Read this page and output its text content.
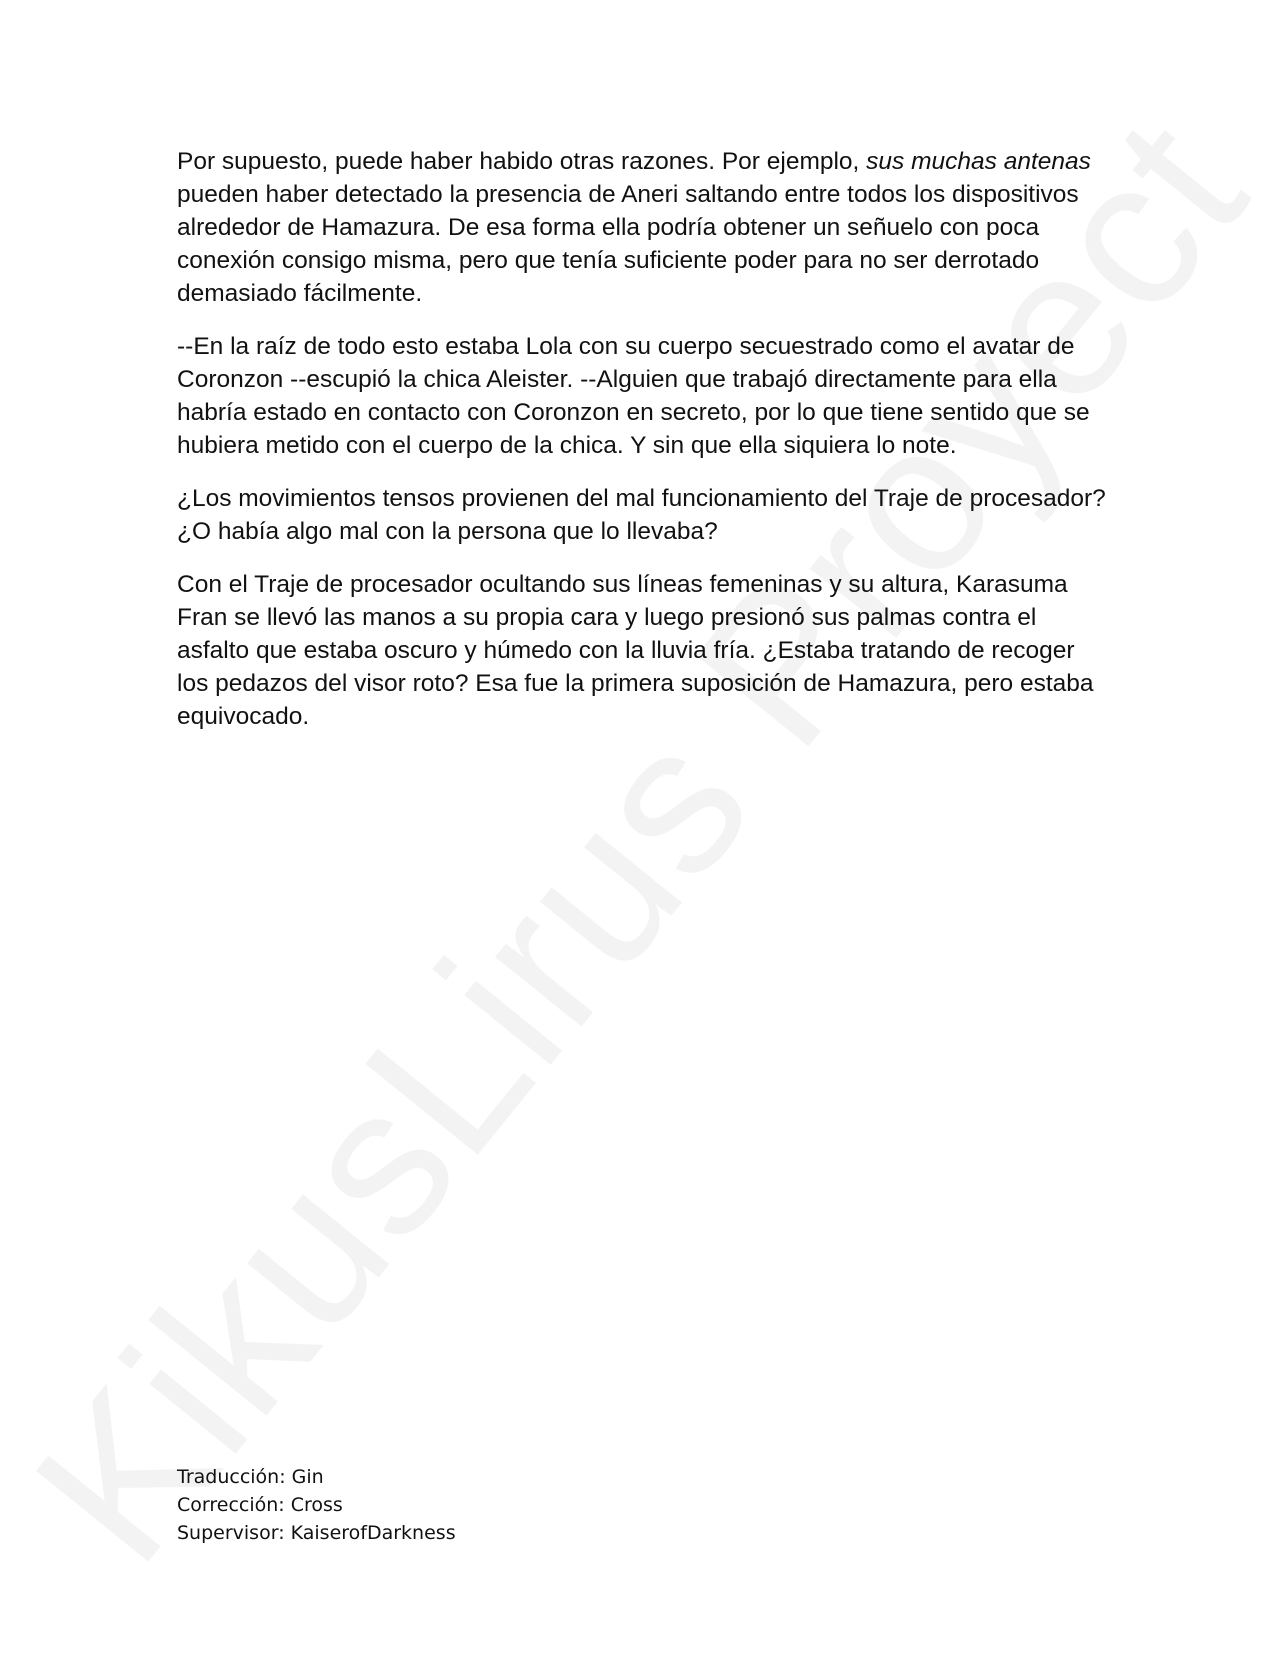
Por supuesto, puede haber habido otras razones. Por ejemplo, sus muchas antenas pueden haber detectado la presencia de Aneri saltando entre todos los dispositivos alrededor de Hamazura. De esa forma ella podría obtener un señuelo con poca conexión consigo misma, pero que tenía suficiente poder para no ser derrotado demasiado fácilmente.

--En la raíz de todo esto estaba Lola con su cuerpo secuestrado como el avatar de Coronzon --escupió la chica Aleister. --Alguien que trabajó directamente para ella habría estado en contacto con Coronzon en secreto, por lo que tiene sentido que se hubiera metido con el cuerpo de la chica. Y sin que ella siquiera lo note.

¿Los movimientos tensos provienen del mal funcionamiento del Traje de procesador? ¿O había algo mal con la persona que lo llevaba?

Con el Traje de procesador ocultando sus líneas femeninas y su altura, Karasuma Fran se llevó las manos a su propia cara y luego presionó sus palmas contra el asfalto que estaba oscuro y húmedo con la lluvia fría. ¿Estaba tratando de recoger los pedazos del visor roto? Esa fue la primera suposición de Hamazura, pero estaba equivocado.

Traducción: Gin
Corrección: Cross
Supervisor: KaiserofDarkness
